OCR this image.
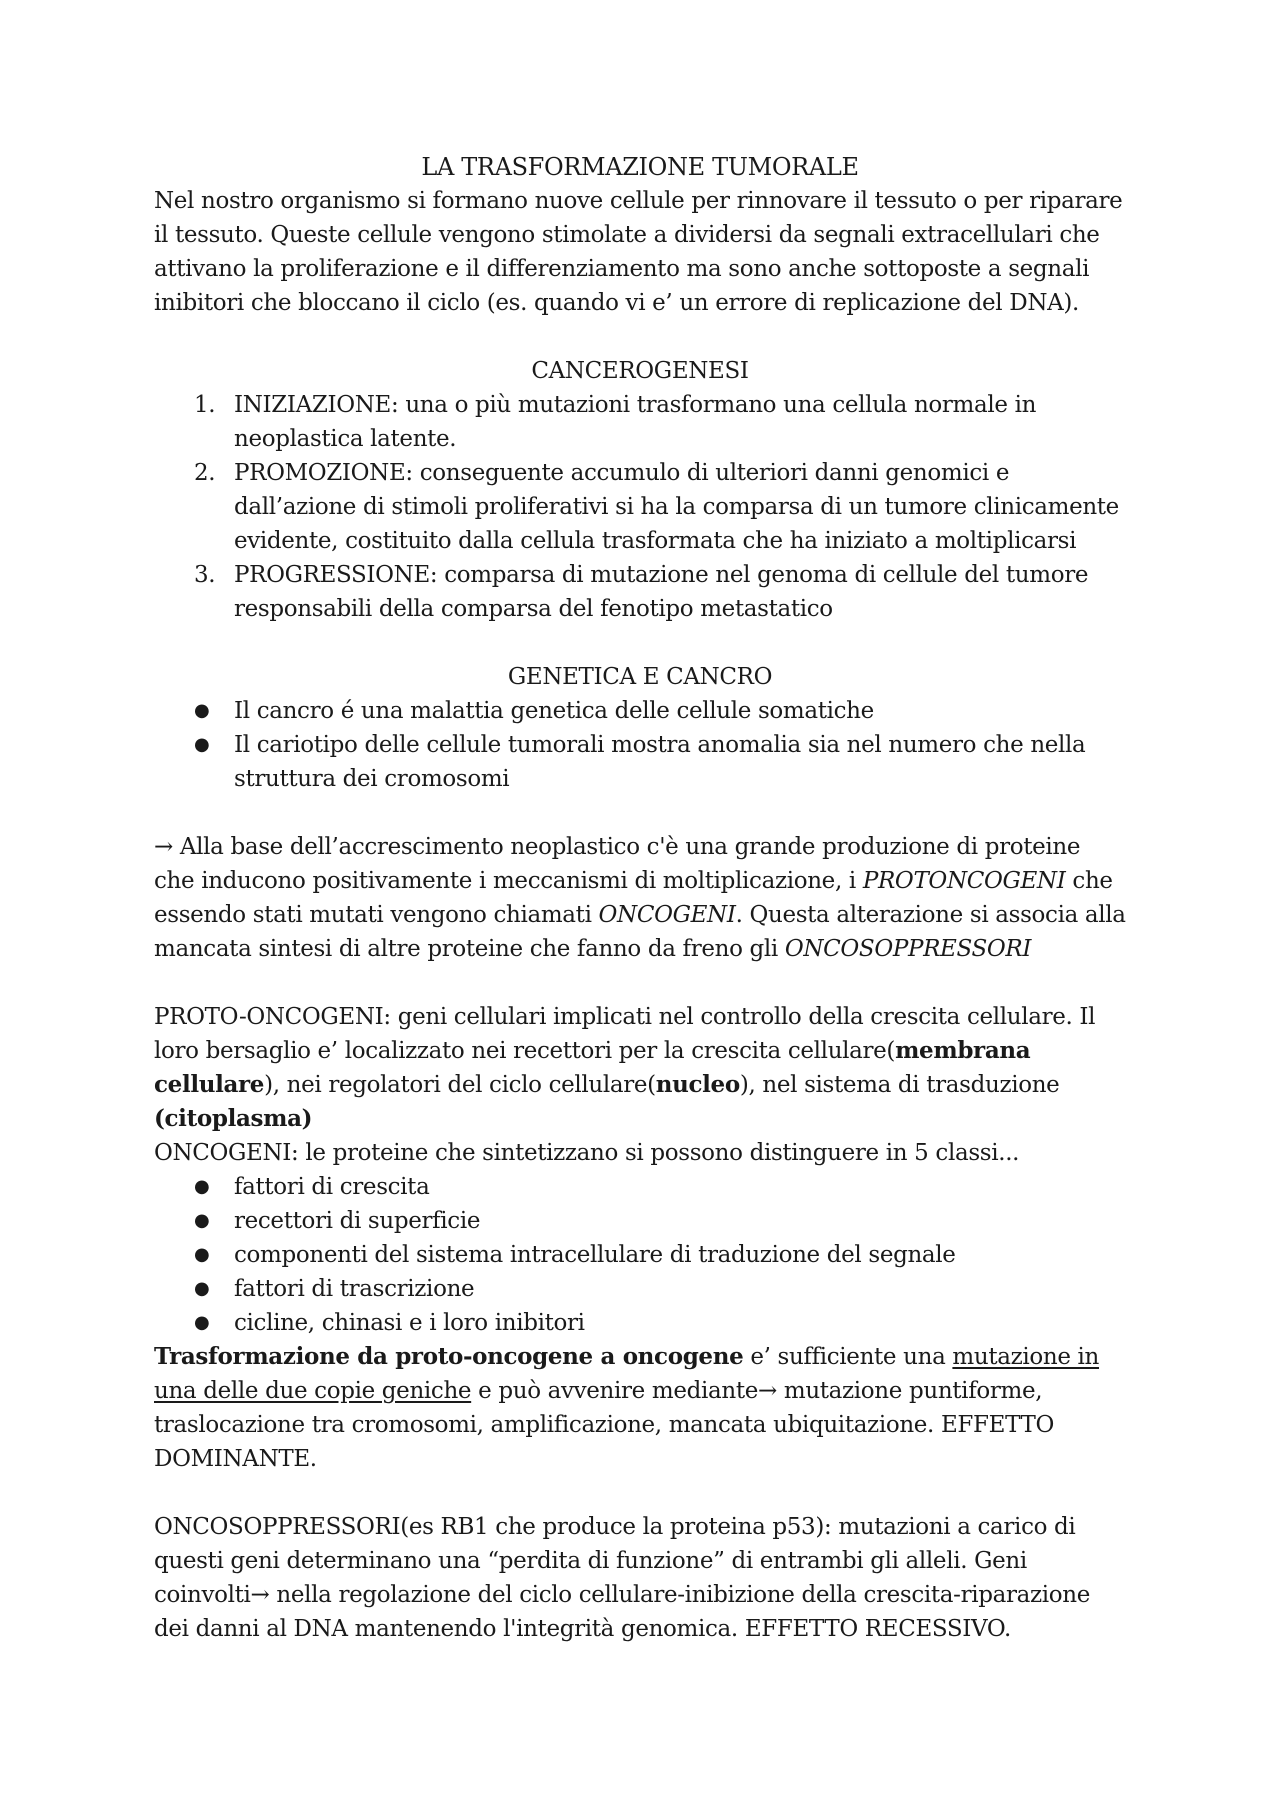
LA TRASFORMAZIONE TUMORALE

Nel nostro organismo si formano nuove cellule per rinnovare il tessuto o per riparare il tessuto. Queste cellule vengono stimolate a dividersi da segnali extracellulari che attivano la proliferazione e il differenziamento ma sono anche sottoposte a segnali inibitori che bloccano il ciclo (es. quando vi e’ un errore di replicazione del DNA).

CANCEROGENESI

1. INIZIAZIONE: una o più mutazioni trasformano una cellula normale in neoplastica latente.
2. PROMOZIONE: conseguente accumulo di ulteriori danni genomici e dall’azione di stimoli proliferativi si ha la comparsa di un tumore clinicamente evidente, costituito dalla cellula trasformata che ha iniziato a moltiplicarsi
3. PROGRESSIONE: comparsa di mutazione nel genoma di cellule del tumore responsabili della comparsa del fenotipo metastatico

GENETICA E CANCRO

● Il cancro é una malattia genetica delle cellule somatiche
● Il cariotipo delle cellule tumorali mostra anomalia sia nel numero che nella struttura dei cromosomi

→ Alla base dell’accrescimento neoplastico c'è una grande produzione di proteine che inducono positivamente i meccanismi di moltiplicazione, i PROTONCOGENI che essendo stati mutati vengono chiamati ONCOGENI. Questa alterazione si associa alla mancata sintesi di altre proteine che fanno da freno gli ONCOSOPPRESSORI

PROTO-ONCOGENI: geni cellulari implicati nel controllo della crescita cellulare. Il loro bersaglio e’ localizzato nei recettori per la crescita cellulare(membrana cellulare), nei regolatori del ciclo cellulare(nucleo), nel sistema di trasduzione (citoplasma)

ONCOGENI: le proteine che sintetizzano si possono distinguere in 5 classi...

● fattori di crescita
● recettori di superficie
● componenti del sistema intracellulare di traduzione del segnale
● fattori di trascrizione
● cicline, chinasi e i loro inibitori

Trasformazione da proto-oncogene a oncogene e’ sufficiente una mutazione in una delle due copie geniche e può avvenire mediante→ mutazione puntiforme, traslocazione tra cromosomi, amplificazione, mancata ubiquitazione. EFFETTO DOMINANTE.

ONCOSOPPRESSORI(es RB1 che produce la proteina p53): mutazioni a carico di questi geni determinano una “perdita di funzione” di entrambi gli alleli. Geni coinvolti→ nella regolazione del ciclo cellulare-inibizione della crescita-riparazione dei danni al DNA mantenendo l'integrità genomica. EFFETTO RECESSIVO.
